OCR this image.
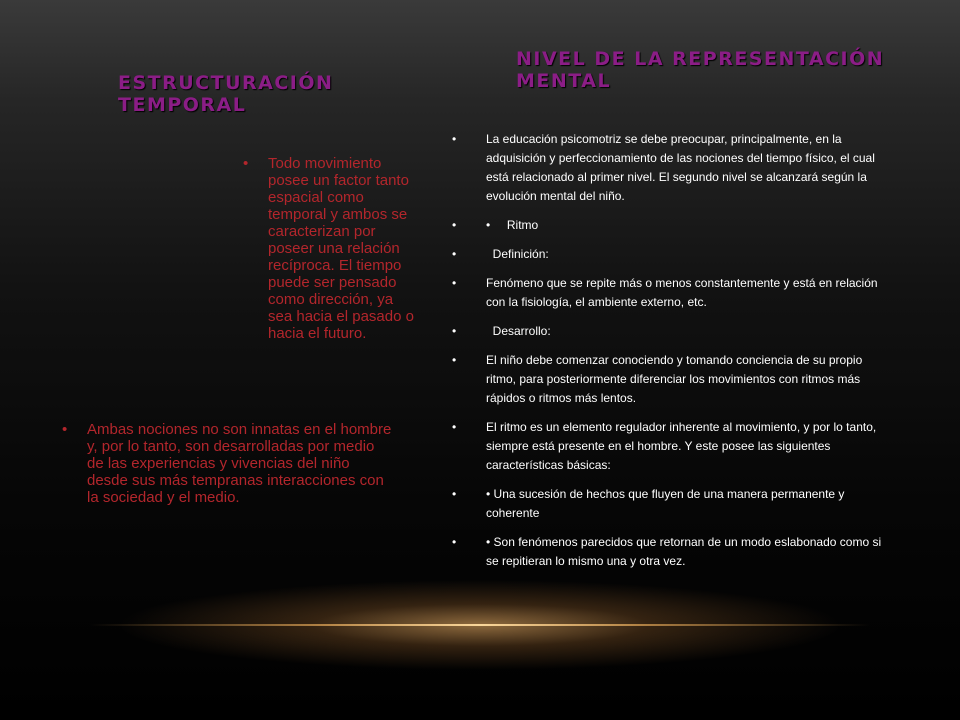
ESTRUCTURACIÓN TEMPORAL
NIVEL DE LA REPRESENTACIÓN MENTAL
•	Todo movimiento posee un factor tanto espacial como temporal y ambos se caracterizan por poseer una relación recíproca. El tiempo puede ser pensado como dirección, ya sea hacia el pasado o hacia el futuro.
•	Ambas nociones no son innatas en el hombre y, por lo tanto, son desarrolladas por medio de las experiencias y vivencias del niño desde sus más tempranas interacciones con la sociedad y el medio.
•	La educación psicomotriz se debe preocupar, principalmente, en la adquisición y perfeccionamiento de las nociones del tiempo físico, el cual está relacionado al primer nivel. El segundo nivel se alcanzará según la evolución mental del niño.
•	•     Ritmo
•	Definición:
•	Fenómeno que se repite más o menos constantemente y está en relación con la fisiología, el ambiente externo, etc.
•	Desarrollo:
•	El niño debe comenzar conociendo y tomando conciencia de su propio ritmo, para posteriormente diferenciar los movimientos con ritmos más rápidos o ritmos más lentos.
•	El ritmo es un elemento regulador inherente al movimiento, y por lo tanto, siempre está presente en el hombre. Y este posee las siguientes características básicas:
•	• Una sucesión de hechos que fluyen de una manera permanente y coherente
•	• Son fenómenos parecidos que retornan de un modo eslabonado como si se repitieran lo mismo una y otra vez.
